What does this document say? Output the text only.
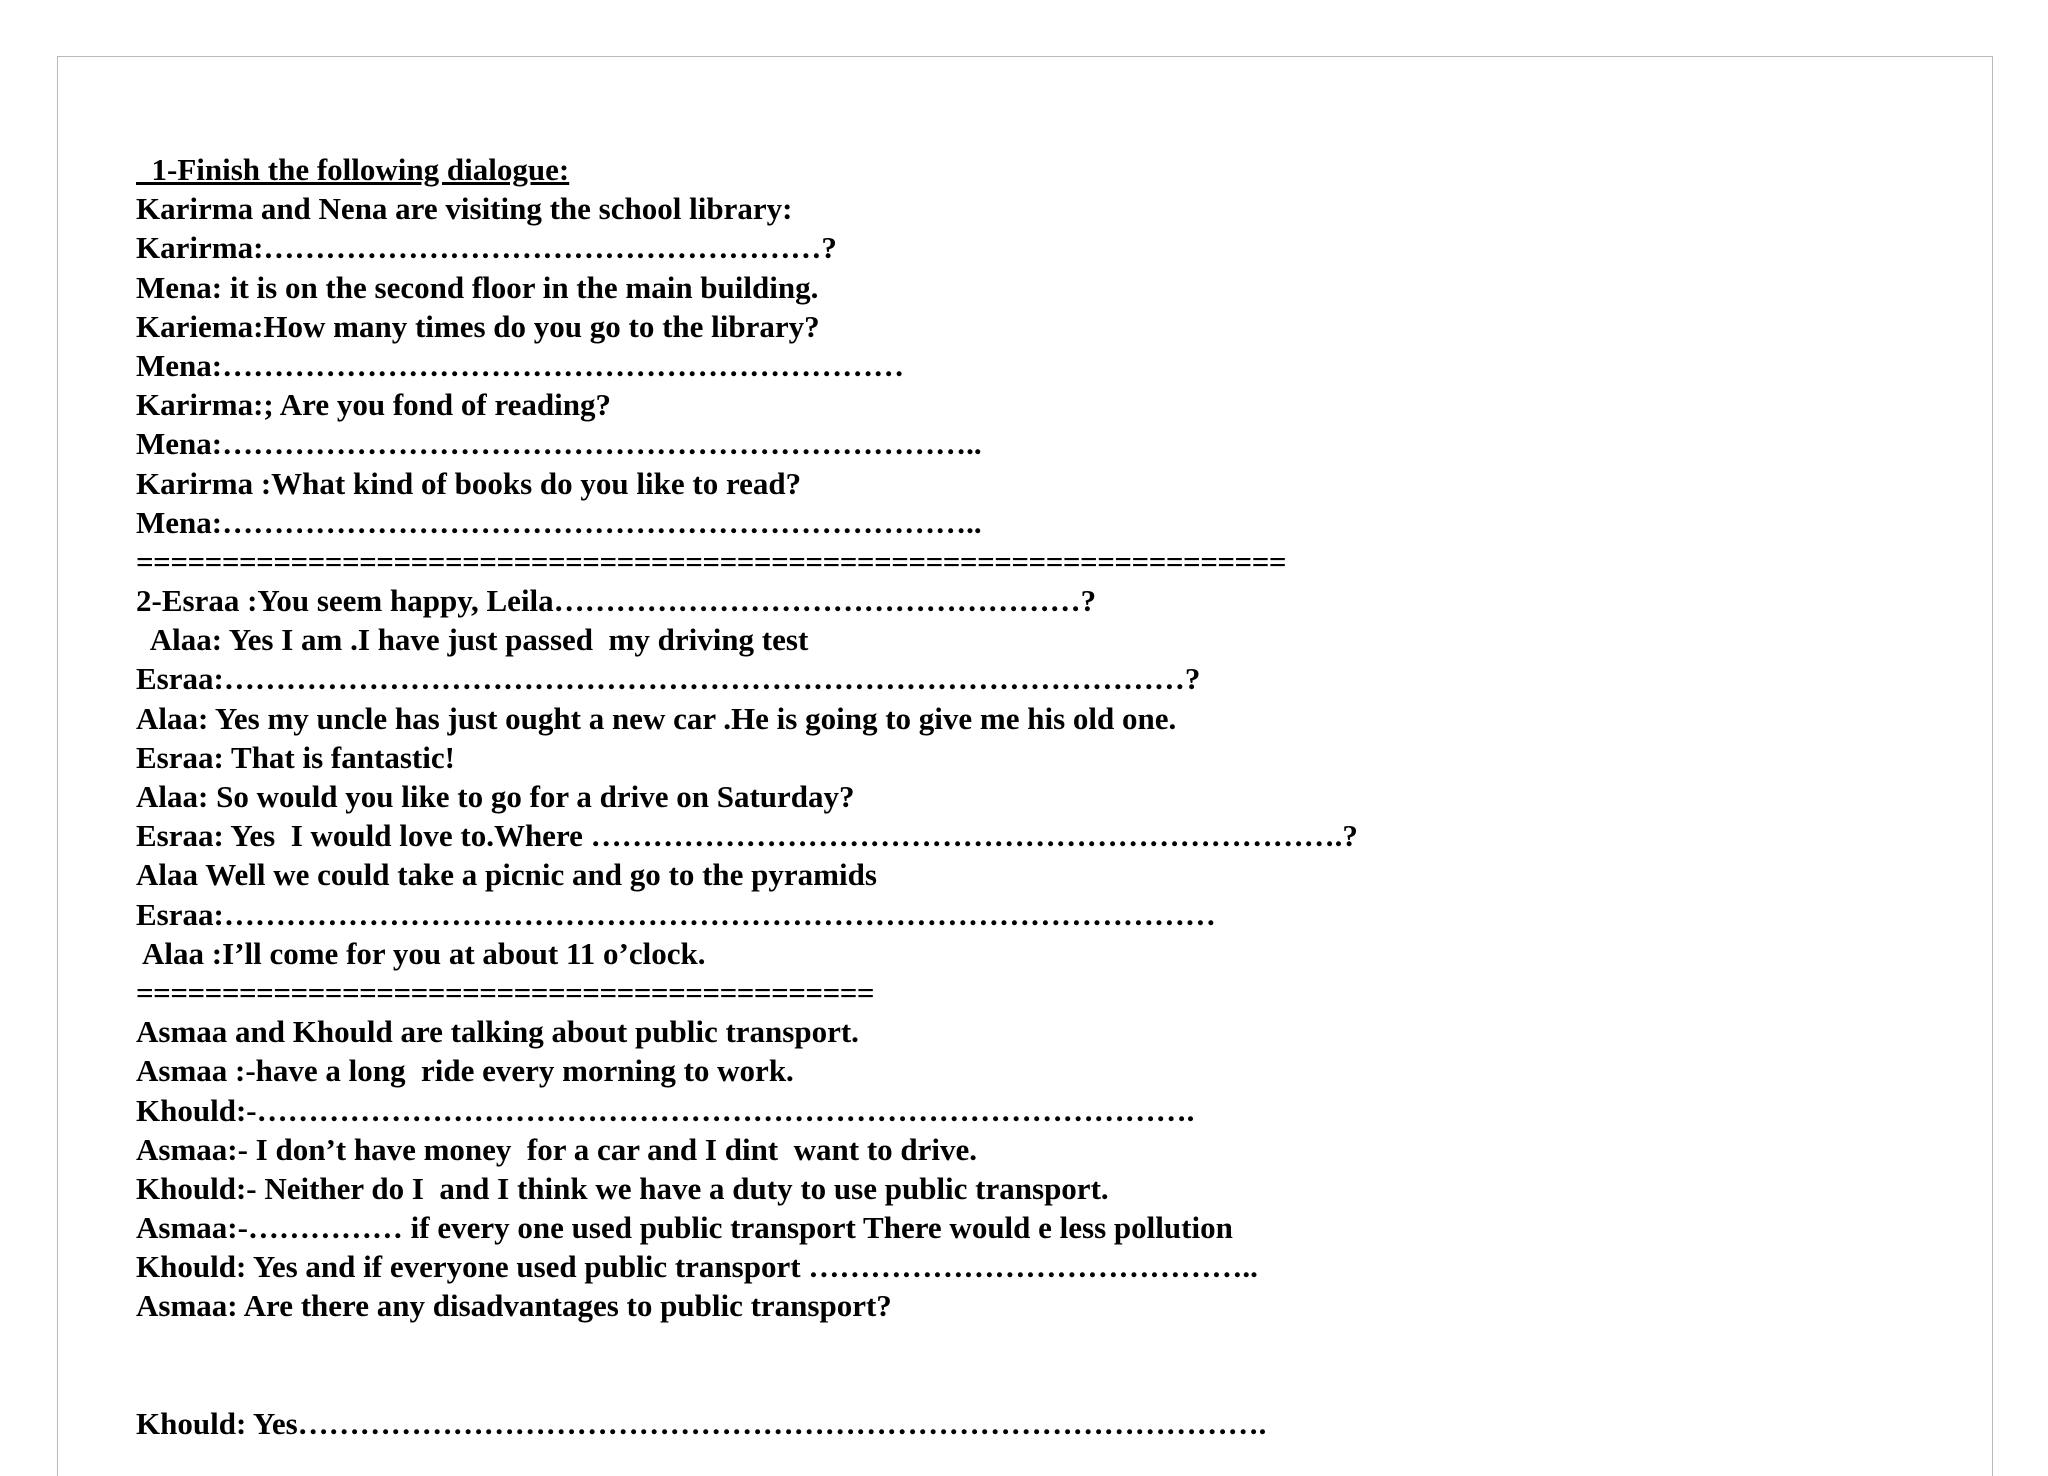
1-Finish the following dialogue:
Karirma and Nena are visiting the school library:
Karirma:………………………………………………?
Mena: it is on the second floor in the main building.
Kariema:How many times do you go to the library?
Mena:…………………………………………………………
Karirma:; Are you fond of reading?
Mena:………………………………………………………………..
Karirma :What kind of books do you like to read?
Mena:………………………………………………………………..
===================================================================
2-Esraa :You seem happy, Leila……………………………………………?
Alaa: Yes I am .I have just passed  my driving test
Esraa:…………………………………………………………………………………?
Alaa: Yes my uncle has just ought a new car .He is going to give me his old one.
Esraa: That is fantastic!
Alaa: So would you like to go for a drive on Saturday?
Esraa: Yes  I would love to.Where ……………………………………………………………….?
Alaa Well we could take a picnic and go to the pyramids
Esraa:……………………………………………………………………………………
Alaa :I’ll come for you at about 11 o’clock.
===========================================
Asmaa and Khould are talking about public transport.
Asmaa :-have a long  ride every morning to work.
Khould:-……………………………………………………………………………….
Asmaa:- I don’t have money  for a car and I dint  want to drive.
Khould:- Neither do I  and I think we have a duty to use public transport.
Asmaa:-…………… if every one used public transport There would e less pollution
Khould: Yes and if everyone used public transport ……………………………………..
Asmaa: Are there any disadvantages to public transport?
Khould: Yes………………………………………………………………………………….
